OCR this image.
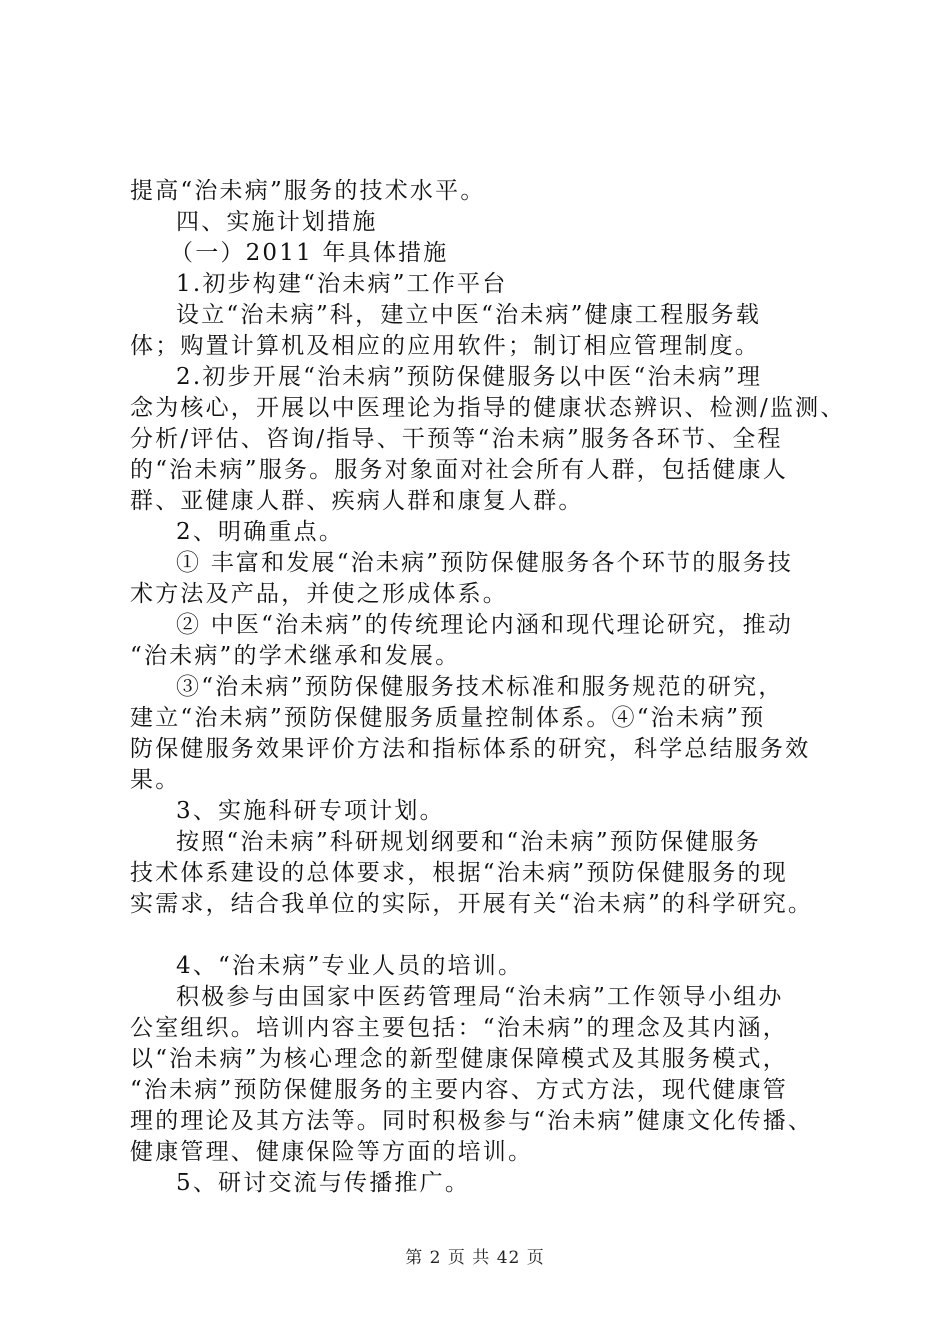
提高“治未病”服务的技术水平。
四、实施计划措施
（一）2011 年具体措施
1.初步构建“治未病”工作平台
设立“治未病”科，建立中医“治未病”健康工程服务载
体；购置计算机及相应的应用软件；制订相应管理制度。
2.初步开展“治未病”预防保健服务以中医“治未病”理
念为核心，开展以中医理论为指导的健康状态辨识、检测/监测、
分析/评估、咨询/指导、干预等“治未病”服务各环节、全程
的“治未病”服务。服务对象面对社会所有人群，包括健康人
群、亚健康人群、疾病人群和康复人群。
2、明确重点。
① 丰富和发展“治未病”预防保健服务各个环节的服务技
术方法及产品，并使之形成体系。
② 中医“治未病”的传统理论内涵和现代理论研究，推动
“治未病”的学术继承和发展。
③“治未病”预防保健服务技术标准和服务规范的研究，
建立“治未病”预防保健服务质量控制体系。④“治未病”预
防保健服务效果评价方法和指标体系的研究，科学总结服务效
果。
3、实施科研专项计划。
按照“治未病”科研规划纲要和“治未病”预防保健服务
技术体系建设的总体要求，根据“治未病”预防保健服务的现
实需求，结合我单位的实际，开展有关“治未病”的科学研究。
4、“治未病”专业人员的培训。
积极参与由国家中医药管理局“治未病”工作领导小组办
公室组织。培训内容主要包括：“治未病”的理念及其内涵，
以“治未病”为核心理念的新型健康保障模式及其服务模式，
“治未病”预防保健服务的主要内容、方式方法，现代健康管
理的理论及其方法等。同时积极参与“治未病”健康文化传播、
健康管理、健康保险等方面的培训。
5、研讨交流与传播推广。
第 2 页 共 42 页
